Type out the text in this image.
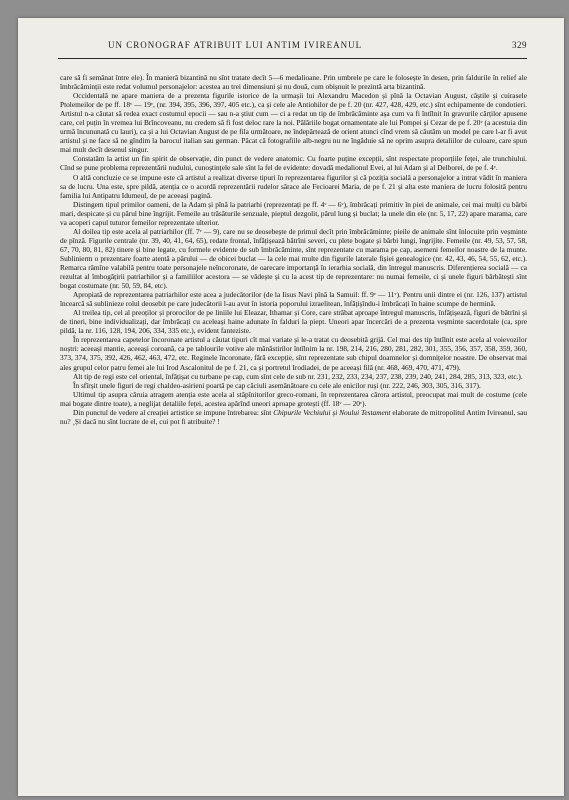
UN CRONOGRAF ATRIBUIT LUI ANTIM IVIREANUL	329

care să fi semănat între ele). În manieră bizantină nu sînt tratate decît 5—6 medalioane. Prin umbrele pe care le folosește în desen, prin faldurile în relief ale îmbrăcăminții este redat volumul personajelor: acestea au trei dimensiuni și nu două, cum obișnuit le prezintă arta bizantină.

Occidentală ne apare maniera de a prezenta figurile istorice de la urmașii lui Alexandru Macedon și pînă la Octavian August, căștile și cuirasele Ptolemeilor de pe ff. 18ᵛ — 19ᵛ, (nr. 394, 395, 396, 397, 405 etc.), ca și cele ale Antiohilor de pe f. 20 (nr. 427, 428, 429, etc.) sînt echipamente de condotieri. Artistul n-a căutat să redea exact costumul epocii — sau n-a știut cum — ci a redat un tip de îmbrăcăminte așa cum va fi întîlnit în gravurile cărților apusene care, cel puțin în vremea lui Brîncoveanu, nu credem să fi fost deloc rare la noi. Pălăriile bogat ornamentate ale lui Pompei și Cezar de pe f. 20ᵛ (a acestuia din urmă încununată cu lauri), ca și a lui Octavian August de pe fila următoare, ne îndepărtează de orient atunci cînd vrem să căutăm un model pe care l-ar fi avut artistul și ne face să ne gîndim la barocul italian sau german. Păcat că fotografiile alb-negru nu ne îngăduie să ne oprim asupra detaliilor de culoare, care spun mai mult decît desenul singur.

Constatăm la artist un fin spirit de observație, din punct de vedere anatomic. Cu foarte puține excepții, sînt respectate proporțiile feței, ale trunchiului. Cînd se pune problema reprezentării nudului, cunoștințele sale sînt la fel de evidente: dovadă medalionul Evei, al lui Adam și al Delborei, de pe f. 4ᵛ.

O altă concluzie ce se impune este că artistul a realizat diverse tipuri în reprezentarea figurilor și că poziția socială a personajelor a intrat vădit în maniera sa de lucru. Una este, spre pildă, atenția ce o acordă reprezentării rudelor sărace ale Fecioarei Maria, de pe f. 21 și alta este maniera de lucru folosită pentru familia lui Antipatru Idumeul, de pe aceeași pagină.

Distingem tipul primilor oameni, de la Adam și pînă la patriarhi (reprezentați pe ff. 4ᵛ — 6ᵛ), îmbrăcați primitiv în piei de animale, cei mai mulți cu bărbi mari, despicate și cu părul bine îngrijit. Femeile au trăsăturile senzuale, pieptul dezgolit, părul lung și buclat; la unele din ele (nr. 5, 17, 22) apare marama, care va acoperi capul tuturor femeilor reprezentate ulterior.

Al doilea tip este acela al patriarhilor (ff. 7ᵛ — 9), care nu se deosebește de primul decît prin îmbrăcăminte; pieile de animale sînt înlocuite prin veșminte de pînză. Figurile centrale (nr. 39, 40, 41, 64, 65), redate frontal, înfățișează bătrîni severi, cu plete bogate și bărbi lungi, îngrijite. Femeile (nr. 49, 53, 57, 58, 67, 70, 80, 81, 82) tinere și bine legate, cu formele evidente de sub îmbrăcăminte, sînt reprezentate cu marama pe cap, asemeni femeilor noastre de la munte. Sublinierm o prezentare foarte atentă a părului — de obicei buclat — la cele mai multe din figurile laterale fișiei genealogice (nr. 42, 43, 46, 54, 55, 62, etc.). Remarca rămîne valabilă pentru toate personajele neîncoronate, de oarecare importanță în ierarhia socială, din întregul manuscris. Diferențierea socială — ca rezultat al îmbogățirii patriarhilor și a familiilor acestora — se vădește și cu la acest tip de reprezentare: nu numai femeile, ci și unele figuri bărbătești sînt bogat costumate (nr. 50, 59, 84, etc).

Apropiată de reprezentarea patriarhilor este acea a judecătorilor (de la Iisus Navi pînă la Samuil: ff. 9ᵛ — 11ᵛ). Pentru unii dintre ei (nr. 126, 137) artistul încearcă să sublinieze rolul deosebit pe care judecătorii l-au avut în istoria poporului izraelitean, înfățișîndu-i îmbrăcați în haine scumpe de hermină.

Al treilea tip, cel al preoților și prorocilor de pe liniile lui Eleazar, Ithamar și Core, care străbat aproape întregul manuscris, înfățișează, figuri de bătrîni și de tineri, bine individualizați, dar îmbrăcați cu aceleași haine adunate în falduri la piept. Uneori apar încercări de a prezenta veșminte sacerdotale (ca, spre pildă, la nr. 116, 128, 194, 206, 334, 335 etc.), evident fanteziste.

În reprezentarea capetelor încoronate artistul a căutat tipuri cît mai variate și le-a tratat cu deosebită grijă. Cel mai des tip întîlnit este acela al voievozilor noștri: aceeași mantie, aceeași coroană, ca pe tablourile votive ale mănăstirilor întîlnim la nr. 198, 214, 216, 280, 281, 282, 301, 355, 356, 357, 358, 359, 360, 373, 374, 375, 392, 426, 462, 463, 472, etc. Reginele încoronate, fără excepție, sînt reprezentate sub chipul doamnelor și domnițelor noastre. De observat mai ales grupul celor patru femei ale lui Irod Ascalonitul de pe f. 21, ca și portretul Irodiadei, de pe aceeași filă (nr. 468, 469, 470, 471, 479).

Alt tip de regi este cel oriental, înfățișat cu turbane pe cap, cum sînt cele de sub nr. 231, 232, 233, 234, 237, 238, 239, 240, 241, 284, 285, 313, 323, etc.).

În sfîrșit unele figuri de regi chaldeo-asirieni poartă pe cap căciuli asemănătoare cu cele ale enicilor ruși (nr. 222, 246, 303, 305, 316, 317).

Ultimul tip asupra căruia atragem atenția este acela al stăpînitorilor greco-romani, în reprezentarea cărora artistul, preocupat mai mult de costume (cele mai bogate dintre toate), a neglijat detaliile feței, acestea apărînd uneori aproape grotești (ff. 18ᵛ — 20ᵛ).

Din punctul de vedere al creației artistice se impune întrebarea: sînt Chipurile Vechiului și Noului Testament elaborate de mitropolitul Antim Ivireanul, sau nu? ¸Și dacă nu sînt lucrate de el, cui pot fi atribuite? !
